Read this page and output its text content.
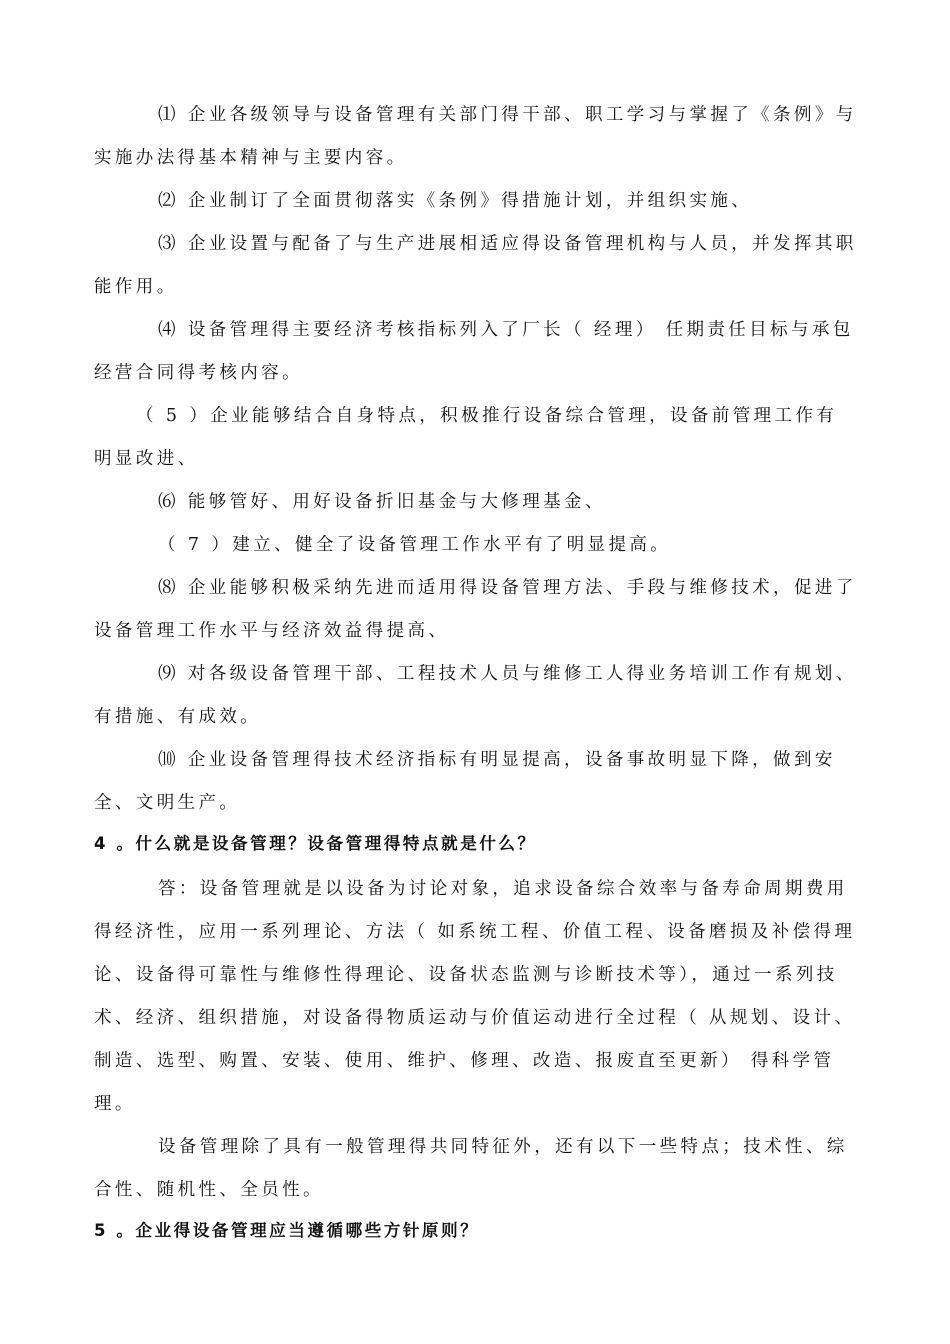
⑴ 企业各级领导与设备管理有关部门得干部、职工学习与掌握了《条例》与实施办法得基本精神与主要内容。

⑵ 企业制订了全面贯彻落实《条例》得措施计划，并组织实施、

⑶ 企业设置与配备了与生产进展相适应得设备管理机构与人员，并发挥其职能作用。

⑷ 设备管理得主要经济考核指标列入了厂长（ 经理） 任期责任目标与承包经营合同得考核内容。

（ 5 ）企业能够结合自身特点，积极推行设备综合管理，设备前管理工作有明显改进、

⑹ 能够管好、用好设备折旧基金与大修理基金、

（ 7 ）建立、健全了设备管理工作水平有了明显提高。

⑻ 企业能够积极采纳先进而适用得设备管理方法、手段与维修技术，促进了设备管理工作水平与经济效益得提高、

⑼ 对各级设备管理干部、工程技术人员与维修工人得业务培训工作有规划、有措施、有成效。

⑽ 企业设备管理得技术经济指标有明显提高，设备事故明显下降，做到安全、文明生产。

4 。什么就是设备管理？设备管理得特点就是什么？

答：设备管理就是以设备为讨论对象，追求设备综合效率与备寿命周期费用得经济性，应用一系列理论、方法（ 如系统工程、价值工程、设备磨损及补偿得理论、设备得可靠性与维修性得理论、设备状态监测与诊断技术等），通过一系列技术、经济、组织措施，对设备得物质运动与价值运动进行全过程（ 从规划、设计、制造、选型、购置、安装、使用、维护、修理、改造、报废直至更新） 得科学管理。

设备管理除了具有一般管理得共同特征外，还有以下一些特点；技术性、综合性、随机性、全员性。

5 。企业得设备管理应当遵循哪些方针原则？
